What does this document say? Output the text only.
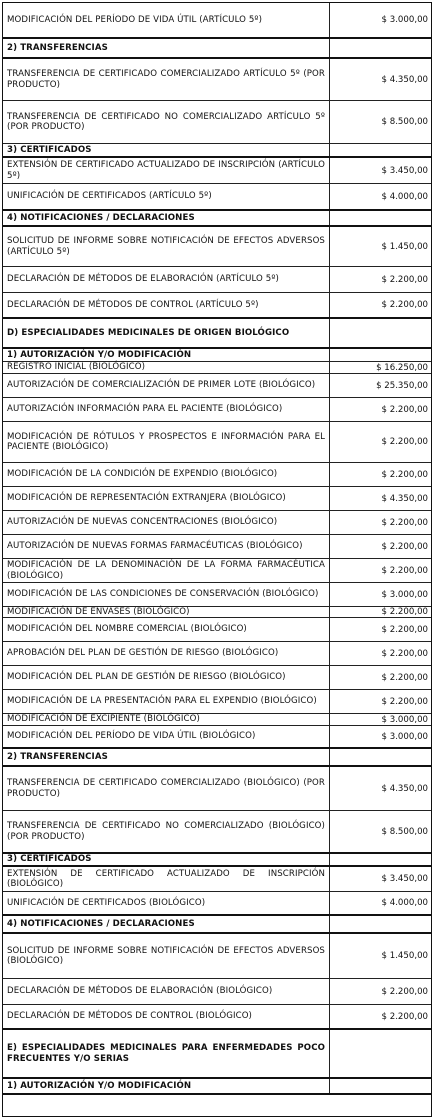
MODIFICACIÓN DEL PERÍODO DE VIDA ÚTIL (ARTÍCULO 5º)	$ 3.000,00
2) TRANSFERENCIAS
TRANSFERENCIA DE CERTIFICADO COMERCIALIZADO ARTÍCULO 5º (POR PRODUCTO)	$ 4.350,00
TRANSFERENCIA DE CERTIFICADO NO COMERCIALIZADO ARTÍCULO 5º (POR PRODUCTO)	$ 8.500,00
3) CERTIFICADOS
EXTENSIÓN DE CERTIFICADO ACTUALIZADO DE INSCRIPCIÓN (ARTÍCULO 5º)	$ 3.450,00
UNIFICACIÓN DE CERTIFICADOS (ARTÍCULO 5º)	$ 4.000,00
4) NOTIFICACIONES / DECLARACIONES
SOLICITUD DE INFORME SOBRE NOTIFICACIÓN DE EFECTOS ADVERSOS (ARTÍCULO 5º)	$ 1.450,00
DECLARACIÓN DE MÉTODOS DE ELABORACIÓN (ARTÍCULO 5º)	$ 2.200,00
DECLARACIÓN DE MÉTODOS DE CONTROL (ARTÍCULO 5º)	$ 2.200,00
D) ESPECIALIDADES MEDICINALES DE ORIGEN BIOLÓGICO
1) AUTORIZACIÓN Y/O MODIFICACIÓN
REGISTRO INICIAL (BIOLÓGICO)	$ 16.250,00
AUTORIZACIÓN DE COMERCIALIZACIÓN DE PRIMER LOTE (BIOLÓGICO)	$ 25.350,00
AUTORIZACIÓN INFORMACIÓN PARA EL PACIENTE (BIOLÓGICO)	$ 2.200,00
MODIFICACIÓN DE RÓTULOS Y PROSPECTOS E INFORMACIÓN PARA EL PACIENTE (BIOLÓGICO)	$ 2.200,00
MODIFICACIÓN DE LA CONDICIÓN DE EXPENDIO (BIOLÓGICO)	$ 2.200,00
MODIFICACIÓN DE REPRESENTACIÓN EXTRANJERA (BIOLÓGICO)	$ 4.350,00
AUTORIZACIÓN DE NUEVAS CONCENTRACIONES (BIOLÓGICO)	$ 2.200,00
AUTORIZACIÓN DE NUEVAS FORMAS FARMACÉUTICAS (BIOLÓGICO)	$ 2.200,00
MODIFICACIÓN DE LA DENOMINACIÓN DE LA FORMA FARMACÉUTICA (BIOLÓGICO)	$ 2.200,00
MODIFICACIÓN DE LAS CONDICIONES DE CONSERVACIÓN (BIOLÓGICO)	$ 3.000,00
MODIFICACIÓN DE ENVASES (BIOLÓGICO)	$ 2.200,00
MODIFICACIÓN DEL NOMBRE COMERCIAL (BIOLÓGICO)	$ 2.200,00
APROBACIÓN DEL PLAN DE GESTIÓN DE RIESGO (BIOLÓGICO)	$ 2.200,00
MODIFICACIÓN DEL PLAN DE GESTIÓN DE RIESGO (BIOLÓGICO)	$ 2.200,00
MODIFICACIÓN DE LA PRESENTACIÓN PARA EL EXPENDIO (BIOLÓGICO)	$ 2.200,00
MODIFICACIÓN DE EXCIPIENTE (BIOLÓGICO)	$ 3.000,00
MODIFICACIÓN DEL PERÍODO DE VIDA ÚTIL (BIOLÓGICO)	$ 3.000,00
2) TRANSFERENCIAS
TRANSFERENCIA DE CERTIFICADO COMERCIALIZADO (BIOLÓGICO) (POR PRODUCTO)	$ 4.350,00
TRANSFERENCIA DE CERTIFICADO NO COMERCIALIZADO (BIOLÓGICO) (POR PRODUCTO)	$ 8.500,00
3) CERTIFICADOS
EXTENSIÓN DE CERTIFICADO ACTUALIZADO DE INSCRIPCIÓN (BIOLÓGICO)	$ 3.450,00
UNIFICACIÓN DE CERTIFICADOS (BIOLÓGICO)	$ 4.000,00
4) NOTIFICACIONES / DECLARACIONES
SOLICITUD DE INFORME SOBRE NOTIFICACIÓN DE EFECTOS ADVERSOS (BIOLÓGICO)	$ 1.450,00
DECLARACIÓN DE MÉTODOS DE ELABORACIÓN (BIOLÓGICO)	$ 2.200,00
DECLARACIÓN DE MÉTODOS DE CONTROL (BIOLÓGICO)	$ 2.200,00
E) ESPECIALIDADES MEDICINALES PARA ENFERMEDADES POCO FRECUENTES Y/O SERIAS
1) AUTORIZACIÓN Y/O MODIFICACIÓN
